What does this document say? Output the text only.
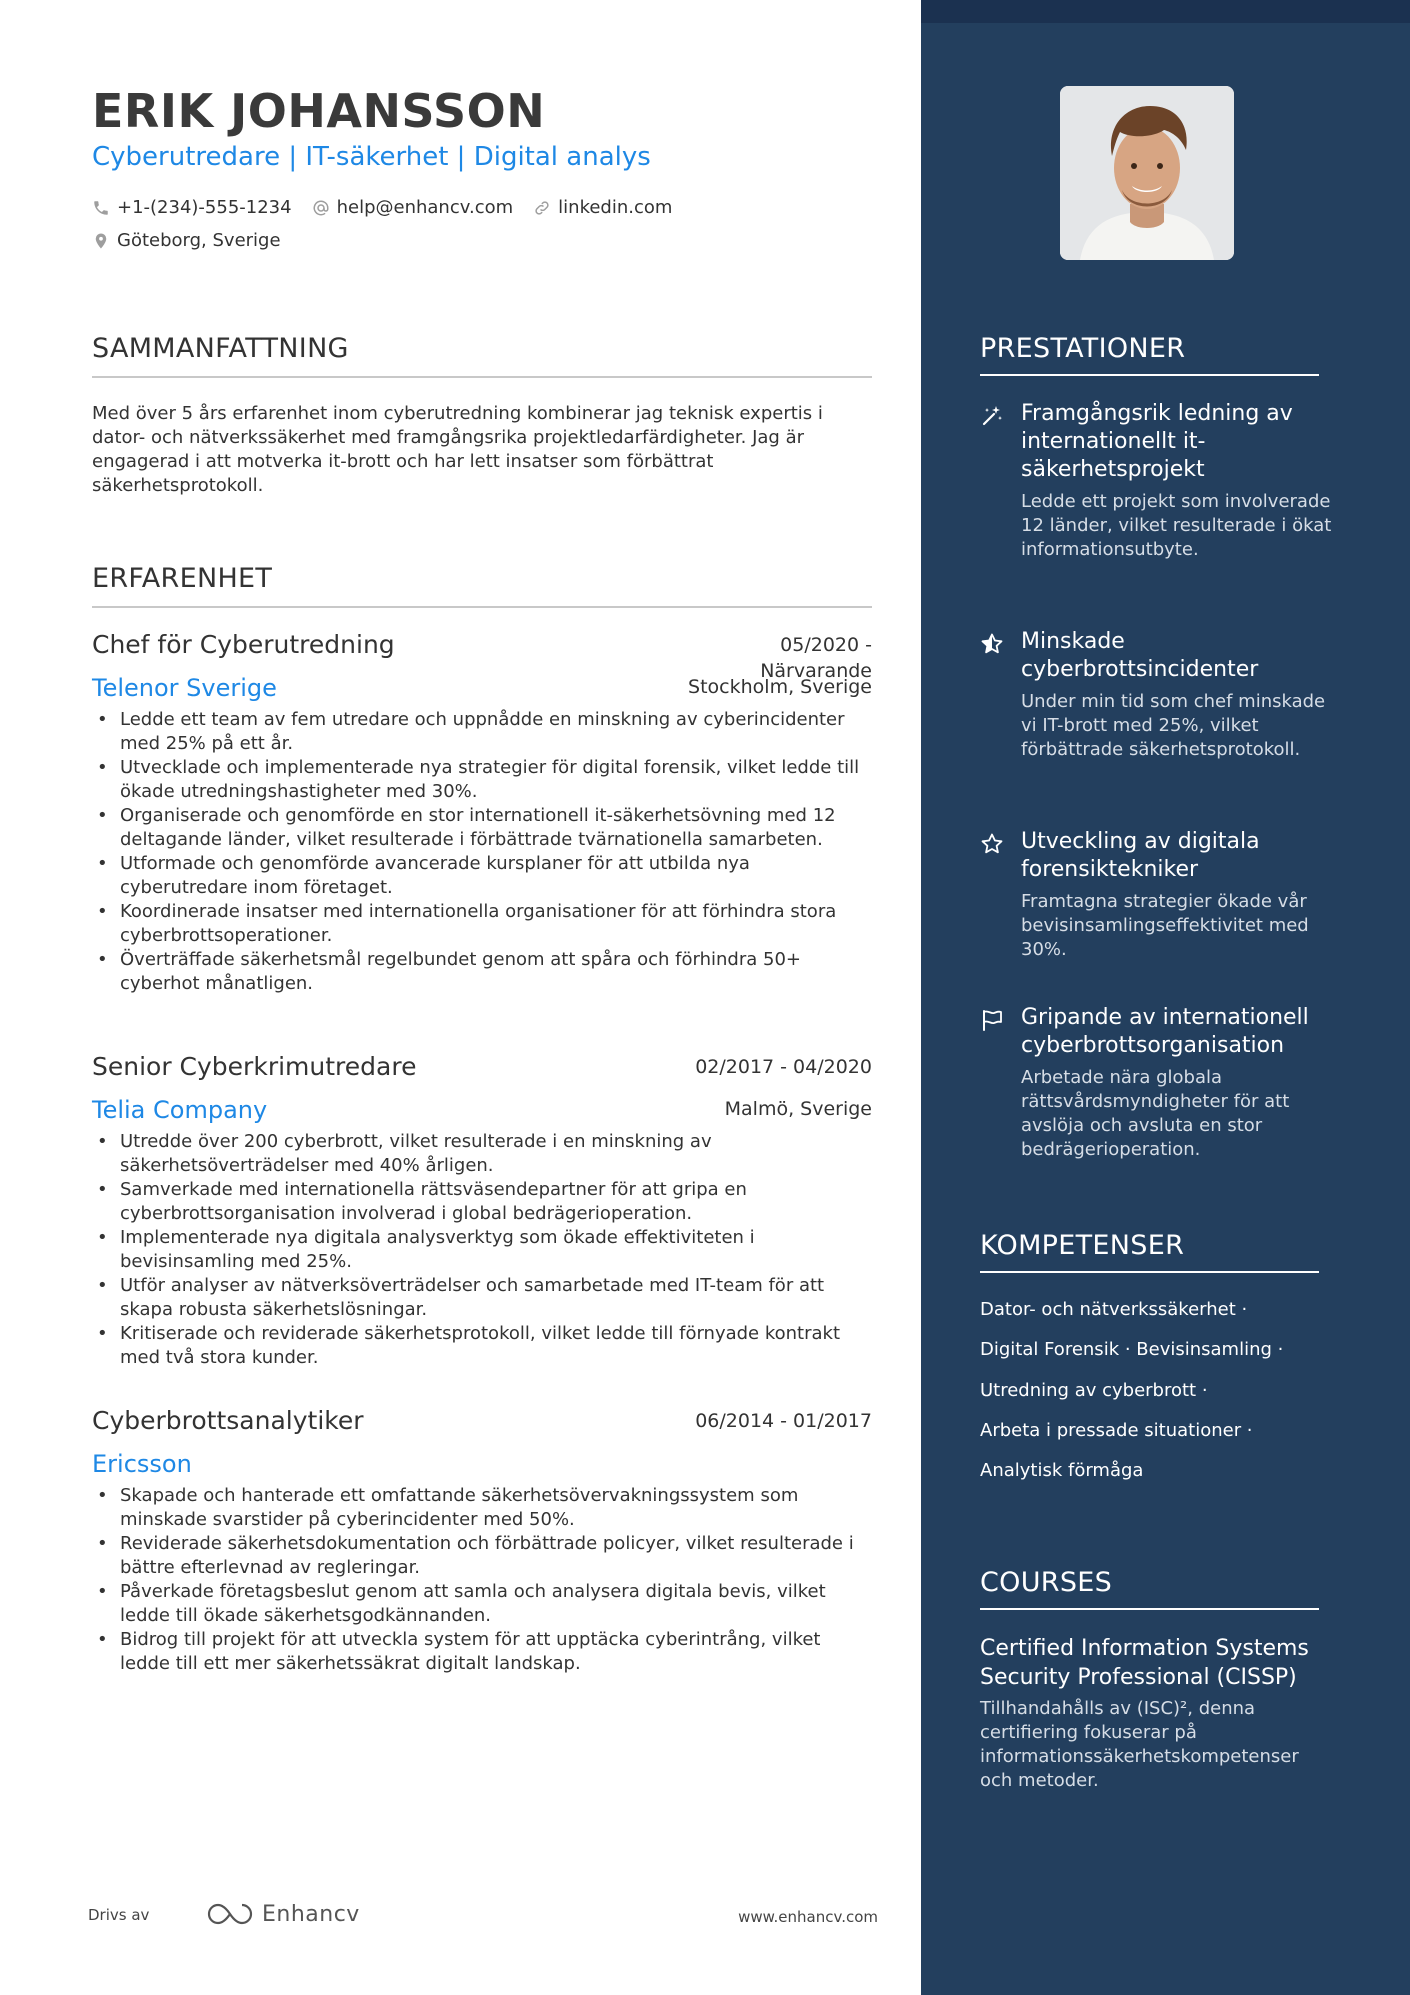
ERIK JOHANSSON
Cyberutredare | IT-säkerhet | Digital analys
+1-(234)-555-1234	help@enhancv.com	linkedin.com
Göteborg, Sverige
SAMMANFATTNING
Med över 5 års erfarenhet inom cyberutredning kombinerar jag teknisk expertis i dator- och nätverkssäkerhet med framgångsrika projektledarfärdigheter. Jag är engagerad i att motverka it-brott och har lett insatser som förbättrat säkerhetsprotokoll.
ERFARENHET
Chef för Cyberutredning	05/2020 -
Närvarande
Telenor Sverige	Stockholm, Sverige
• Ledde ett team av fem utredare och uppnådde en minskning av cyberincidenter med 25% på ett år.
• Utvecklade och implementerade nya strategier för digital forensik, vilket ledde till ökade utredningshastigheter med 30%.
• Organiserade och genomförde en stor internationell it-säkerhetsövning med 12 deltagande länder, vilket resulterade i förbättrade tvärnationella samarbeten.
• Utformade och genomförde avancerade kursplaner för att utbilda nya cyberutredare inom företaget.
• Koordinerade insatser med internationella organisationer för att förhindra stora cyberbrottsoperationer.
• Överträffade säkerhetsmål regelbundet genom att spåra och förhindra 50+ cyberhot månatligen.
Senior Cyberkrimutredare	02/2017 - 04/2020
Telia Company	Malmö, Sverige
• Utredde över 200 cyberbrott, vilket resulterade i en minskning av säkerhetsöverträdelser med 40% årligen.
• Samverkade med internationella rättsväsendepartner för att gripa en cyberbrottsorganisation involverad i global bedrägerioperation.
• Implementerade nya digitala analysverktyg som ökade effektiviteten i bevisinsamling med 25%.
• Utför analyser av nätverksöverträdelser och samarbetade med IT-team för att skapa robusta säkerhetslösningar.
• Kritiserade och reviderade säkerhetsprotokoll, vilket ledde till förnyade kontrakt med två stora kunder.
Cyberbrottsanalytiker	06/2014 - 01/2017
Ericsson
• Skapade och hanterade ett omfattande säkerhetsövervakningssystem som minskade svarstider på cyberincidenter med 50%.
• Reviderade säkerhetsdokumentation och förbättrade policyer, vilket resulterade i bättre efterlevnad av regleringar.
• Påverkade företagsbeslut genom att samla och analysera digitala bevis, vilket ledde till ökade säkerhetsgodkännanden.
• Bidrog till projekt för att utveckla system för att upptäcka cyberintrång, vilket ledde till ett mer säkerhetssäkrat digitalt landskap.
Drivs av	Enhancv	www.enhancv.com
PRESTATIONER
Framgångsrik ledning av internationellt it-säkerhetsprojekt
Ledde ett projekt som involverade 12 länder, vilket resulterade i ökat informationsutbyte.
Minskade cyberbrottsincidenter
Under min tid som chef minskade vi IT-brott med 25%, vilket förbättrade säkerhetsprotokoll.
Utveckling av digitala forensiktekniker
Framtagna strategier ökade vår bevisinsamlingseffektivitet med 30%.
Gripande av internationell cyberbrottsorganisation
Arbetade nära globala rättsvårdsmyndigheter för att avslöja och avsluta en stor bedrägerioperation.
KOMPETENSER
Dator- och nätverkssäkerhet ·
Digital Forensik · Bevisinsamling ·
Utredning av cyberbrott ·
Arbeta i pressade situationer ·
Analytisk förmåga
COURSES
Certified Information Systems Security Professional (CISSP)
Tillhandahålls av (ISC)², denna certifiering fokuserar på informationssäkerhetskompetenser och metoder.
